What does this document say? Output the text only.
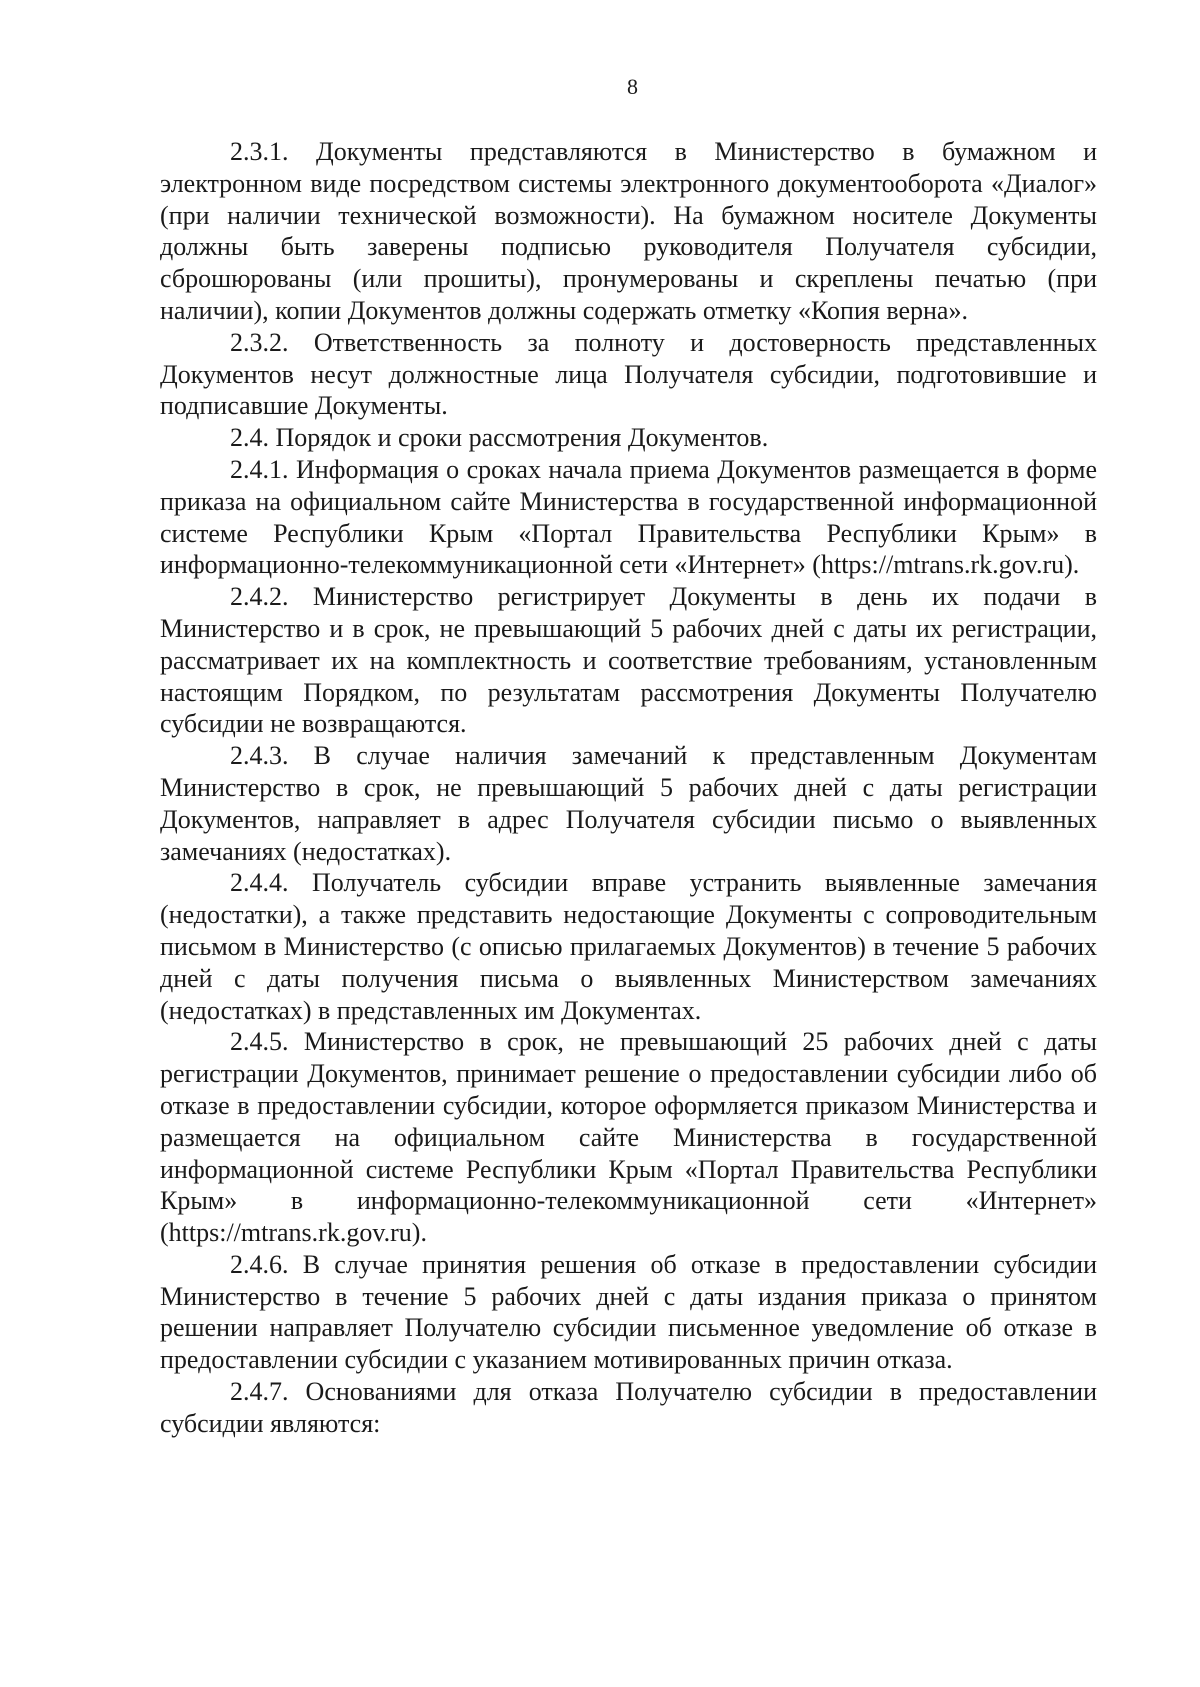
8

2.3.1. Документы представляются в Министерство в бумажном и электронном виде посредством системы электронного документооборота «Диалог» (при наличии технической возможности). На бумажном носителе Документы должны быть заверены подписью руководителя Получателя субсидии, сброшюрованы (или прошиты), пронумерованы и скреплены печатью (при наличии), копии Документов должны содержать отметку «Копия верна».

2.3.2. Ответственность за полноту и достоверность представленных Документов несут должностные лица Получателя субсидии, подготовившие и подписавшие Документы.

2.4. Порядок и сроки рассмотрения Документов.

2.4.1. Информация о сроках начала приема Документов размещается в форме приказа на официальном сайте Министерства в государственной информационной системе Республики Крым «Портал Правительства Республики Крым» в информационно-телекоммуникационной сети «Интернет» (https://mtrans.rk.gov.ru).

2.4.2. Министерство регистрирует Документы в день их подачи в Министерство и в срок, не превышающий 5 рабочих дней с даты их регистрации, рассматривает их на комплектность и соответствие требованиям, установленным настоящим Порядком, по результатам рассмотрения Документы Получателю субсидии не возвращаются.

2.4.3. В случае наличия замечаний к представленным Документам Министерство в срок, не превышающий 5 рабочих дней с даты регистрации Документов, направляет в адрес Получателя субсидии письмо о выявленных замечаниях (недостатках).

2.4.4. Получатель субсидии вправе устранить выявленные замечания (недостатки), а также представить недостающие Документы с сопроводительным письмом в Министерство (с описью прилагаемых Документов) в течение 5 рабочих дней с даты получения письма о выявленных Министерством замечаниях (недостатках) в представленных им Документах.

2.4.5. Министерство в срок, не превышающий 25 рабочих дней с даты регистрации Документов, принимает решение о предоставлении субсидии либо об отказе в предоставлении субсидии, которое оформляется приказом Министерства и размещается на официальном сайте Министерства в государственной информационной системе Республики Крым «Портал Правительства Республики Крым» в информационно-телекоммуникационной сети «Интернет» (https://mtrans.rk.gov.ru).

2.4.6. В случае принятия решения об отказе в предоставлении субсидии Министерство в течение 5 рабочих дней с даты издания приказа о принятом решении направляет Получателю субсидии письменное уведомление об отказе в предоставлении субсидии с указанием мотивированных причин отказа.

2.4.7. Основаниями для отказа Получателю субсидии в предоставлении субсидии являются:
